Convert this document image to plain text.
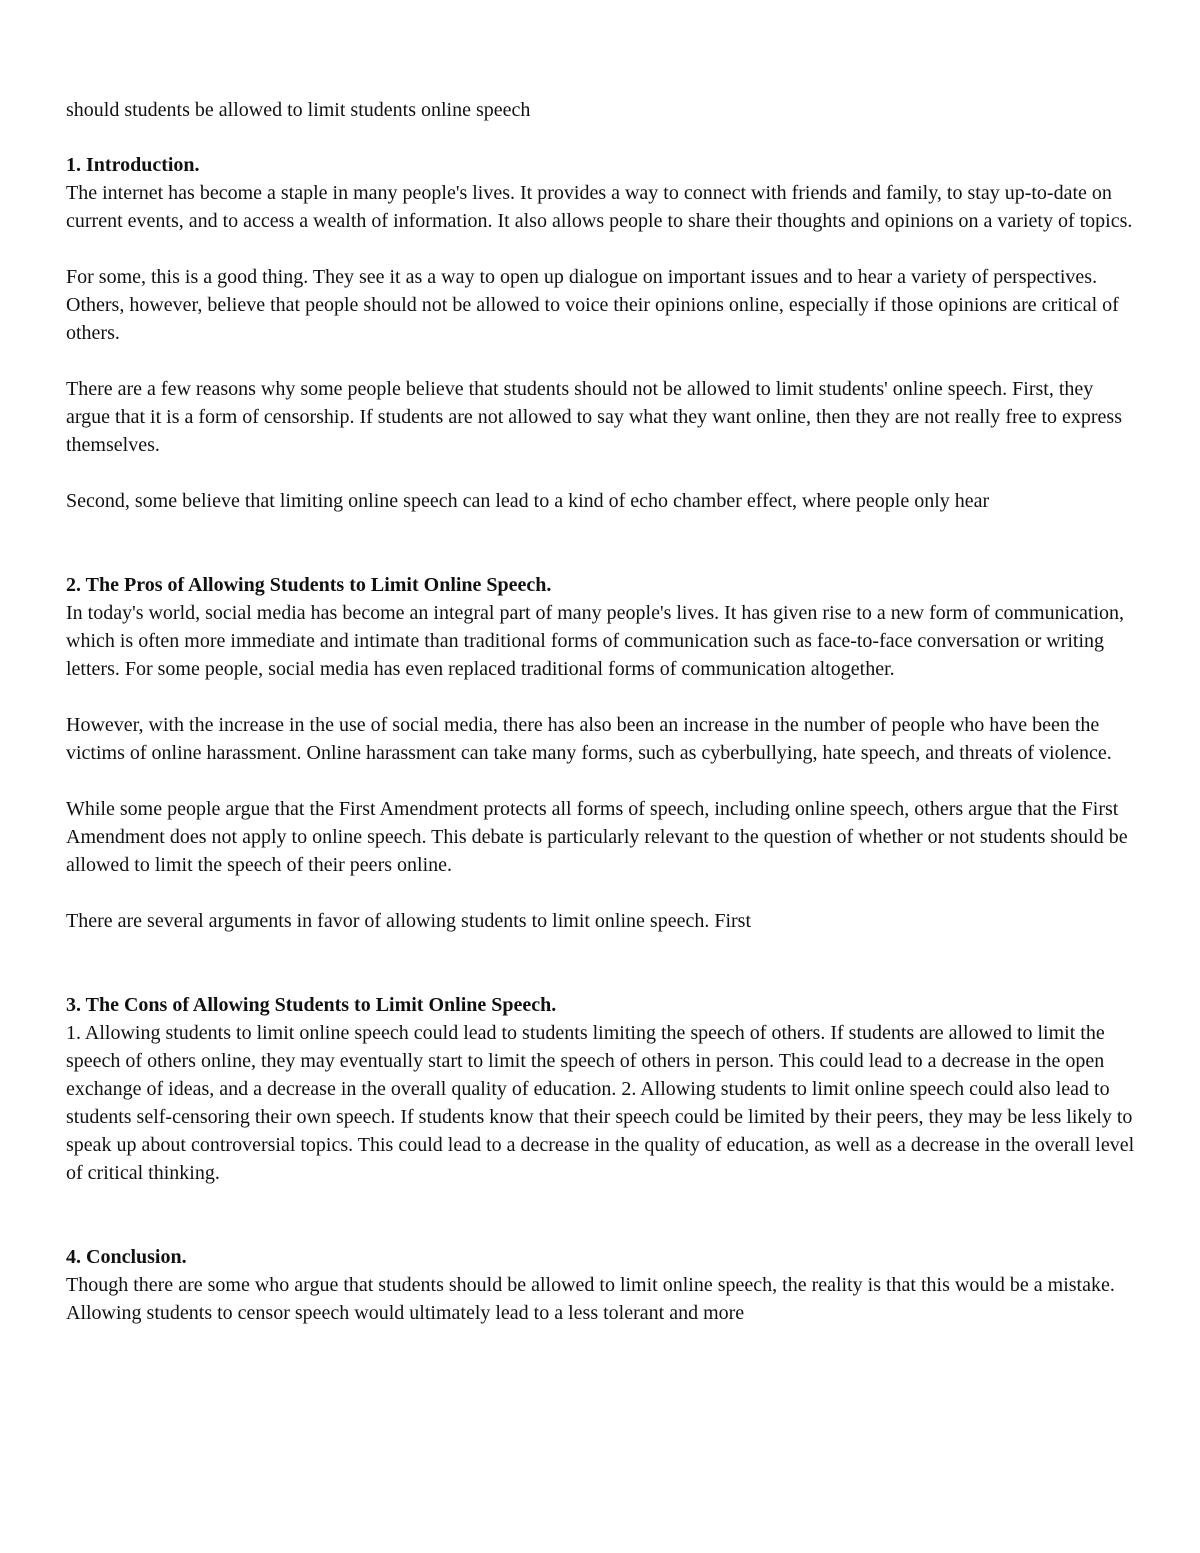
should students be allowed to limit students online speech

1. Introduction.

The internet has become a staple in many people's lives. It provides a way to connect with friends and family, to stay up-to-date on current events, and to access a wealth of information. It also allows people to share their thoughts and opinions on a variety of topics.

For some, this is a good thing. They see it as a way to open up dialogue on important issues and to hear a variety of perspectives. Others, however, believe that people should not be allowed to voice their opinions online, especially if those opinions are critical of others.

There are a few reasons why some people believe that students should not be allowed to limit students' online speech. First, they argue that it is a form of censorship. If students are not allowed to say what they want online, then they are not really free to express themselves.

Second, some believe that limiting online speech can lead to a kind of echo chamber effect, where people only hear

2. The Pros of Allowing Students to Limit Online Speech.

In today's world, social media has become an integral part of many people's lives. It has given rise to a new form of communication, which is often more immediate and intimate than traditional forms of communication such as face-to-face conversation or writing letters. For some people, social media has even replaced traditional forms of communication altogether.

However, with the increase in the use of social media, there has also been an increase in the number of people who have been the victims of online harassment. Online harassment can take many forms, such as cyberbullying, hate speech, and threats of violence.

While some people argue that the First Amendment protects all forms of speech, including online speech, others argue that the First Amendment does not apply to online speech. This debate is particularly relevant to the question of whether or not students should be allowed to limit the speech of their peers online.

There are several arguments in favor of allowing students to limit online speech. First

3. The Cons of Allowing Students to Limit Online Speech.

1. Allowing students to limit online speech could lead to students limiting the speech of others. If students are allowed to limit the speech of others online, they may eventually start to limit the speech of others in person. This could lead to a decrease in the open exchange of ideas, and a decrease in the overall quality of education. 2. Allowing students to limit online speech could also lead to students self-censoring their own speech. If students know that their speech could be limited by their peers, they may be less likely to speak up about controversial topics. This could lead to a decrease in the quality of education, as well as a decrease in the overall level of critical thinking.

4. Conclusion.

Though there are some who argue that students should be allowed to limit online speech, the reality is that this would be a mistake. Allowing students to censor speech would ultimately lead to a less tolerant and more
